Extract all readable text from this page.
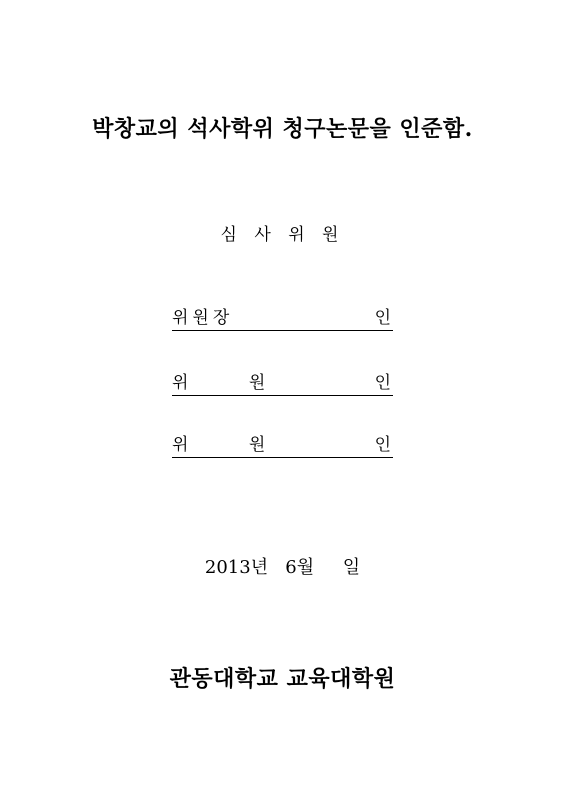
박창교의 석사학위 청구논문을 인준함.
심 사 위 원
위원장	인
위      원	인
위      원	인
2013년 6월 일
관동대학교 교육대학원
